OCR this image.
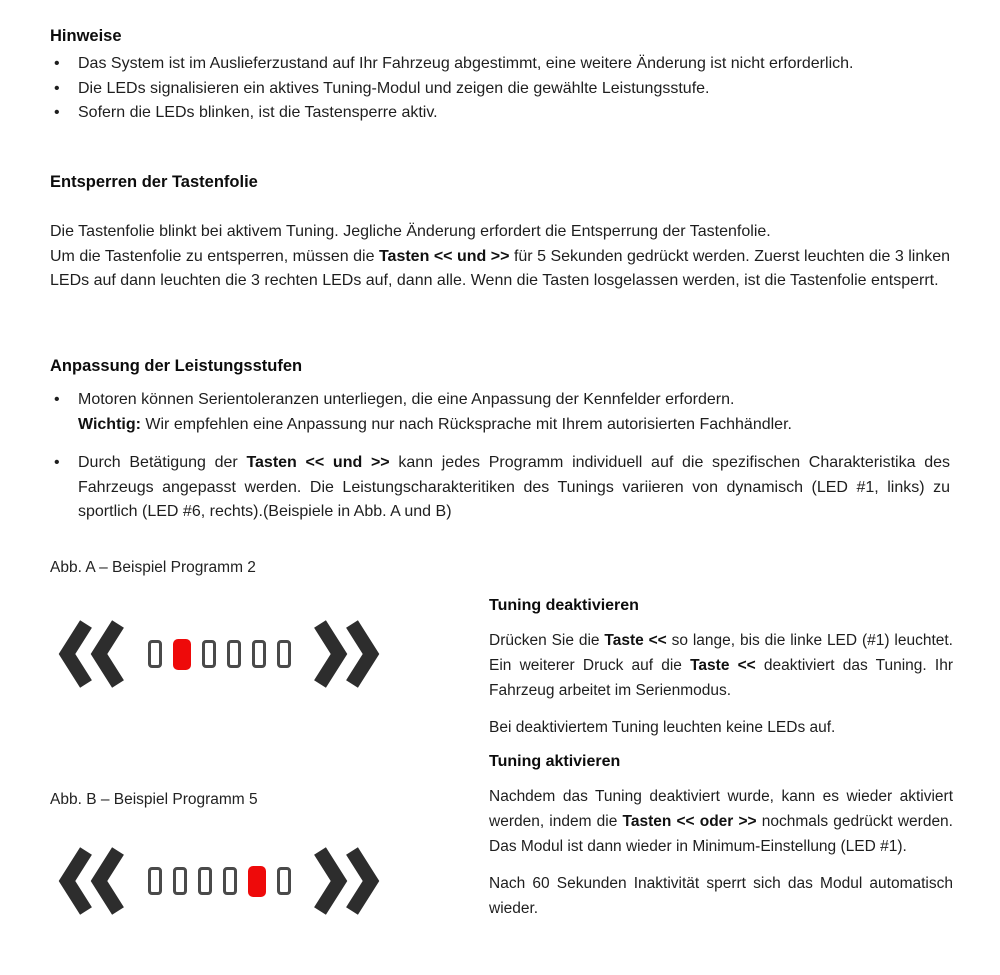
Hinweise
• Das System ist im Auslieferzustand auf Ihr Fahrzeug abgestimmt, eine weitere Änderung ist nicht erforderlich.
• Die LEDs signalisieren ein aktives Tuning-Modul und zeigen die gewählte Leistungsstufe.
• Sofern die LEDs blinken, ist die Tastensperre aktiv.
Entsperren der Tastenfolie
Die Tastenfolie blinkt bei aktivem Tuning. Jegliche Änderung erfordert die Entsperrung der Tastenfolie.

Um die Tastenfolie zu entsperren, müssen die Tasten << und >> für 5 Sekunden gedrückt werden. Zuerst leuchten die 3 linken LEDs auf dann leuchten die 3 rechten LEDs auf, dann alle. Wenn die Tasten losgelassen werden, ist die Tastenfolie entsperrt.

Anpassung der Leistungsstufen
• Motoren können Serientoleranzen unterliegen, die eine Anpassung der Kennfelder erfordern.
Wichtig: Wir empfehlen eine Anpassung nur nach Rücksprache mit Ihrem autorisierten Fachhändler.
• Durch Betätigung der Tasten << und >> kann jedes Programm individuell auf die spezifischen Charakteristika des Fahrzeugs angepasst werden. Die Leistungscharakteritiken des Tunings variieren von dynamisch (LED #1, links) zu sportlich (LED #6, rechts).(Beispiele in Abb. A und B)
Abb. A – Beispiel Programm 2
Abb. B – Beispiel Programm 5
Tuning deaktivieren

Drücken Sie die Taste << so lange, bis die linke LED (#1) leuchtet. Ein weiterer Druck auf die Taste << deaktiviert das Tuning. Ihr Fahrzeug arbeitet im Serienmodus.

Bei deaktiviertem Tuning leuchten keine LEDs auf.

Tuning aktivieren

Nachdem das Tuning deaktiviert wurde, kann es wieder aktiviert werden, indem die Tasten << oder >> nochmals gedrückt werden. Das Modul ist dann wieder in Minimum-Einstellung (LED #1).

Nach 60 Sekunden Inaktivität sperrt sich das Modul automatisch wieder.
